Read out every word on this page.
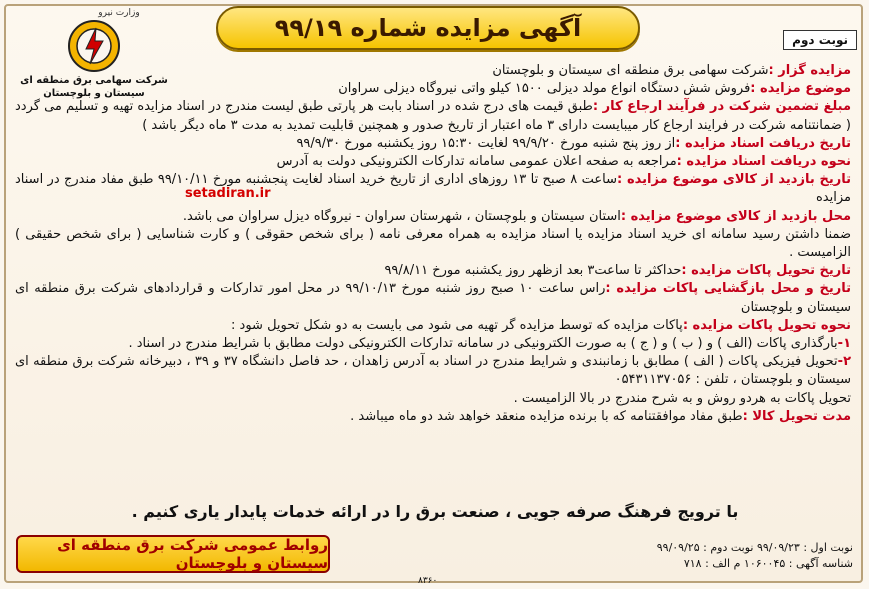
آگهی مزایده شماره ۹۹/۱۹	نوبت دوم
وزارت نیرو
شرکت سهامی برق منطقه ای
سیستان و بلوچستان

مزایده گزار :شرکت سهامی برق منطقه ای سیستان و بلوچستان

موضوع مزایده :فروش شش دستگاه انواع مولد دیزلی ۱۵۰۰ کیلو واتی نیروگاه دیزلی سراوان

مبلغ تضمین شرکت در فرآیند ارجاع کار :طبق قیمت های درج شده در اسناد بابت هر پارتی طبق لیست مندرج در اسناد مزایده تهیه و تسلیم می گردد ( ضمانتنامه شرکت در فرایند ارجاع کار میبایست دارای ۳ ماه اعتبار از تاریخ صدور و همچنین قابلیت تمدید به مدت ۳ ماه دیگر باشد )

تاریخ دریافت اسناد مزایده :از روز پنج شنبه مورخ ۹۹/۹/۲۰ لغایت ۱۵:۳۰ روز یکشنبه مورخ ۹۹/۹/۳۰

نحوه دریافت اسناد مزایده :مراجعه به صفحه اعلان عمومی سامانه تدارکات الکترونیکی دولت به آدرس

تاریخ بازدید از کالای موضوع مزایده :ساعت ۸ صبح تا ۱۳ روزهای اداری از تاریخ خرید اسناد لغایت پنجشنبه مورخ ۹۹/۱۰/۱۱ طبق مفاد مندرج در اسناد مزایده

محل بازدید از کالای موضوع مزایده :استان سیستان و بلوچستان ، شهرستان سراوان - نیروگاه دیزل سراوان می باشد.

ضمنا داشتن رسید سامانه ای خرید اسناد مزایده یا اسناد مزایده به همراه معرفی نامه ( برای شخص حقوقی ) و کارت شناسایی ( برای شخص حقیقی ) الزامیست .

تاریخ تحویل پاکات مزایده :حداکثر تا ساعت۳ بعد ازظهر روز یکشنبه مورخ ۹۹/۸/۱۱

تاریخ و محل بازگشایی پاکات مزایده :راس ساعت ۱۰ صبح روز شنبه مورخ ۹۹/۱۰/۱۳ در محل امور تدارکات و قراردادهای شرکت برق منطقه ای سیستان و بلوچستان

نحوه تحویل پاکات مزایده :پاکات مزایده که توسط مزایده گر تهیه می شود می بایست به دو شکل تحویل شود :

۱-بارگذاری پاکات (الف ) و ( ب ) و ( ج ) به صورت الکترونیکی در سامانه تدارکات الکترونیکی دولت مطابق با شرایط مندرج در اسناد .

۲-تحویل فیزیکی پاکات ( الف ) مطابق با زمانبندی و شرایط مندرج در اسناد به آدرس زاهدان ، حد فاصل دانشگاه ۳۷ و ۳۹ ، دبیرخانه شرکت برق منطقه ای سیستان و بلوچستان ، تلفن : ۰۵۴۳۱۱۳۷۰۵۶

تحویل پاکات به هردو روش و به شرح مندرج در بالا الزامیست .

مدت تحویل کالا :طبق مفاد موافقتنامه که با برنده مزایده منعقد خواهد شد دو ماه میباشد .

setadiran.ir
با ترویج فرهنگ صرفه جویی ، صنعت برق را در ارائه خدمات پایدار یاری کنیم .
روابط عمومی شرکت برق منطقه ای سیستان و بلوچستان
نوبت اول : ۹۹/۰۹/۲۳ نوبت دوم : ۹۹/۰۹/۲۵
شناسه آگهی : ۱۰۶۰۰۴۵ م الف : ۷۱۸
۸۳۶۰
